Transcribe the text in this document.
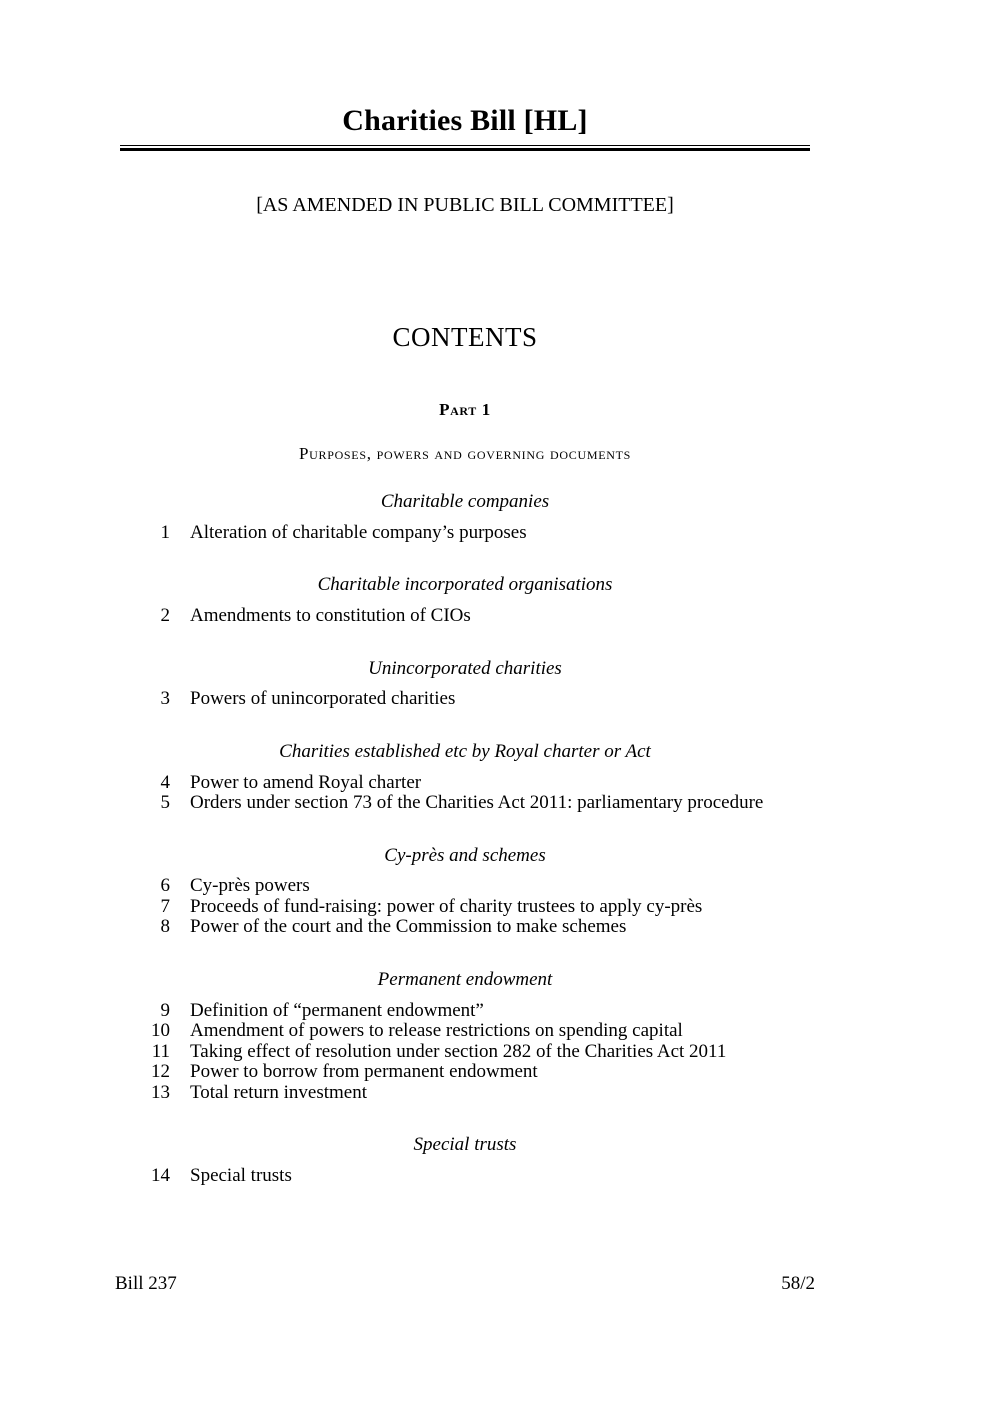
Charities Bill [HL]
[AS AMENDED IN PUBLIC BILL COMMITTEE]
CONTENTS
Part 1
Purposes, powers and governing documents
Charitable companies
1	Alteration of charitable company’s purposes
Charitable incorporated organisations
2	Amendments to constitution of CIOs
Unincorporated charities
3	Powers of unincorporated charities
Charities established etc by Royal charter or Act
4	Power to amend Royal charter
5	Orders under section 73 of the Charities Act 2011: parliamentary procedure
Cy-près and schemes
6	Cy-près powers
7	Proceeds of fund-raising: power of charity trustees to apply cy-près
8	Power of the court and the Commission to make schemes
Permanent endowment
9	Definition of “permanent endowment”
10	Amendment of powers to release restrictions on spending capital
11	Taking effect of resolution under section 282 of the Charities Act 2011
12	Power to borrow from permanent endowment
13	Total return investment
Special trusts
14	Special trusts
Bill 237	58/2
